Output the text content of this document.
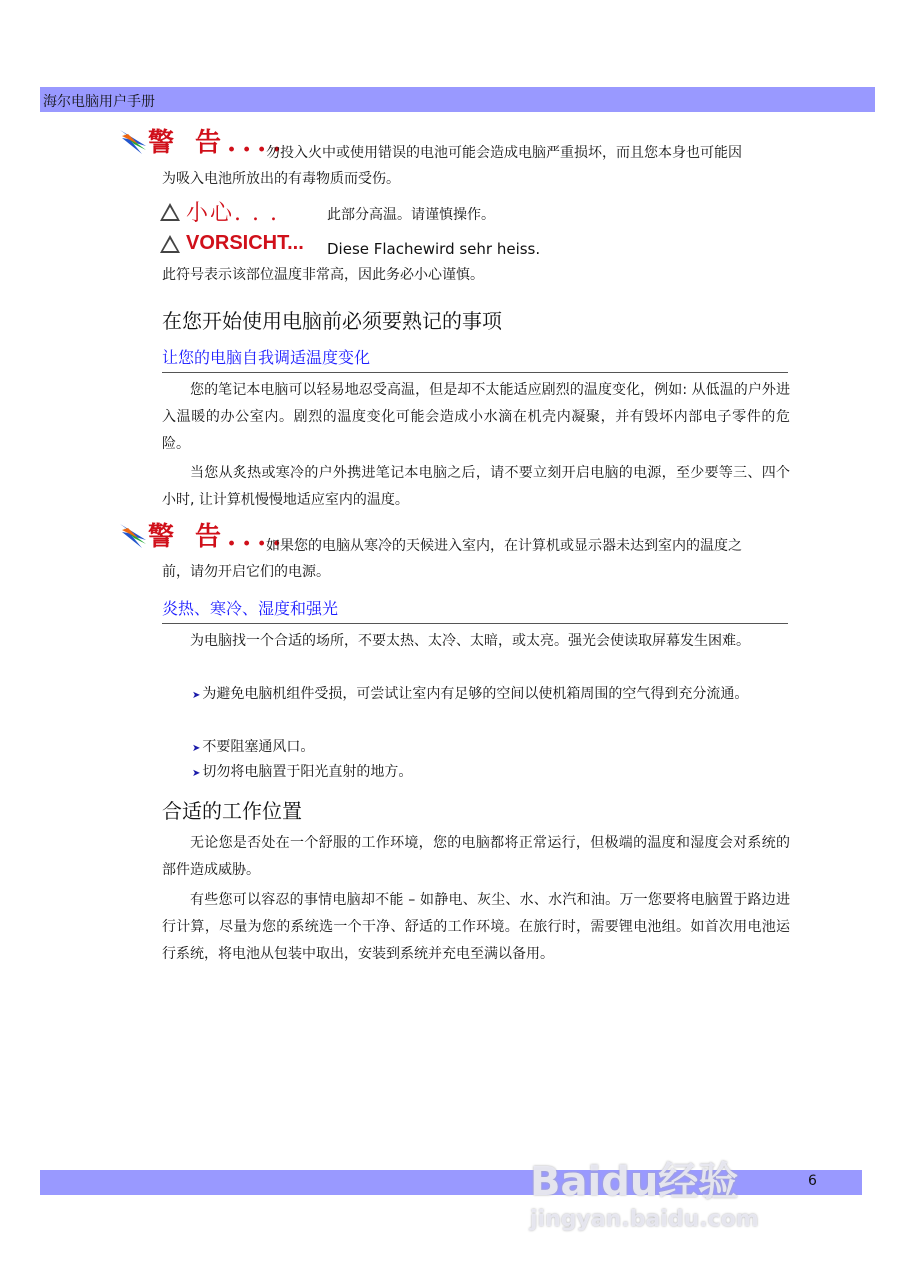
海尔电脑用户手册
警 告....
勿投入火中或使用错误的电池可能会造成电脑严重损坏，而且您本身也可能因
为吸入电池所放出的有毒物质而受伤。
小心. . .	此部分高温。请谨慎操作。
VORSICHT... Diese Flachewird sehr heiss.
此符号表示该部位温度非常高，因此务必小心谨慎。
在您开始使用电脑前必须要熟记的事项
让您的电脑自我调适温度变化
您的笔记本电脑可以轻易地忍受高温，但是却不太能适应剧烈的温度变化，例如: 从低温的户外进入温暖的办公室内。剧烈的温度变化可能会造成小水滴在机壳内凝聚，并有毁坏内部电子零件的危险。
当您从炙热或寒冷的户外携进笔记本电脑之后，请不要立刻开启电脑的电源，至少要等三、四个小时, 让计算机慢慢地适应室内的温度。
警 告....
如果您的电脑从寒冷的天候进入室内，在计算机或显示器未达到室内的温度之
前，请勿开启它们的电源。
炎热、寒冷、湿度和强光
为电脑找一个合适的场所，不要太热、太冷、太暗，或太亮。强光会使读取屏幕发生困难。
➤ 为避免电脑机组件受损，可尝试让室内有足够的空间以使机箱周围的空气得到充分流通。
➤ 不要阻塞通风口。
➤ 切勿将电脑置于阳光直射的地方。
合适的工作位置
无论您是否处在一个舒服的工作环境，您的电脑都将正常运行，但极端的温度和湿度会对系统的部件造成威胁。
有些您可以容忍的事情电脑却不能 – 如静电、灰尘、水、水汽和油。万一您要将电脑置于路边进行计算，尽量为您的系统选一个干净、舒适的工作环境。在旅行时，需要锂电池组。如首次用电池运行系统，将电池从包装中取出，安装到系统并充电至满以备用。
Baidu经验
jingyan.baidu.com
6
